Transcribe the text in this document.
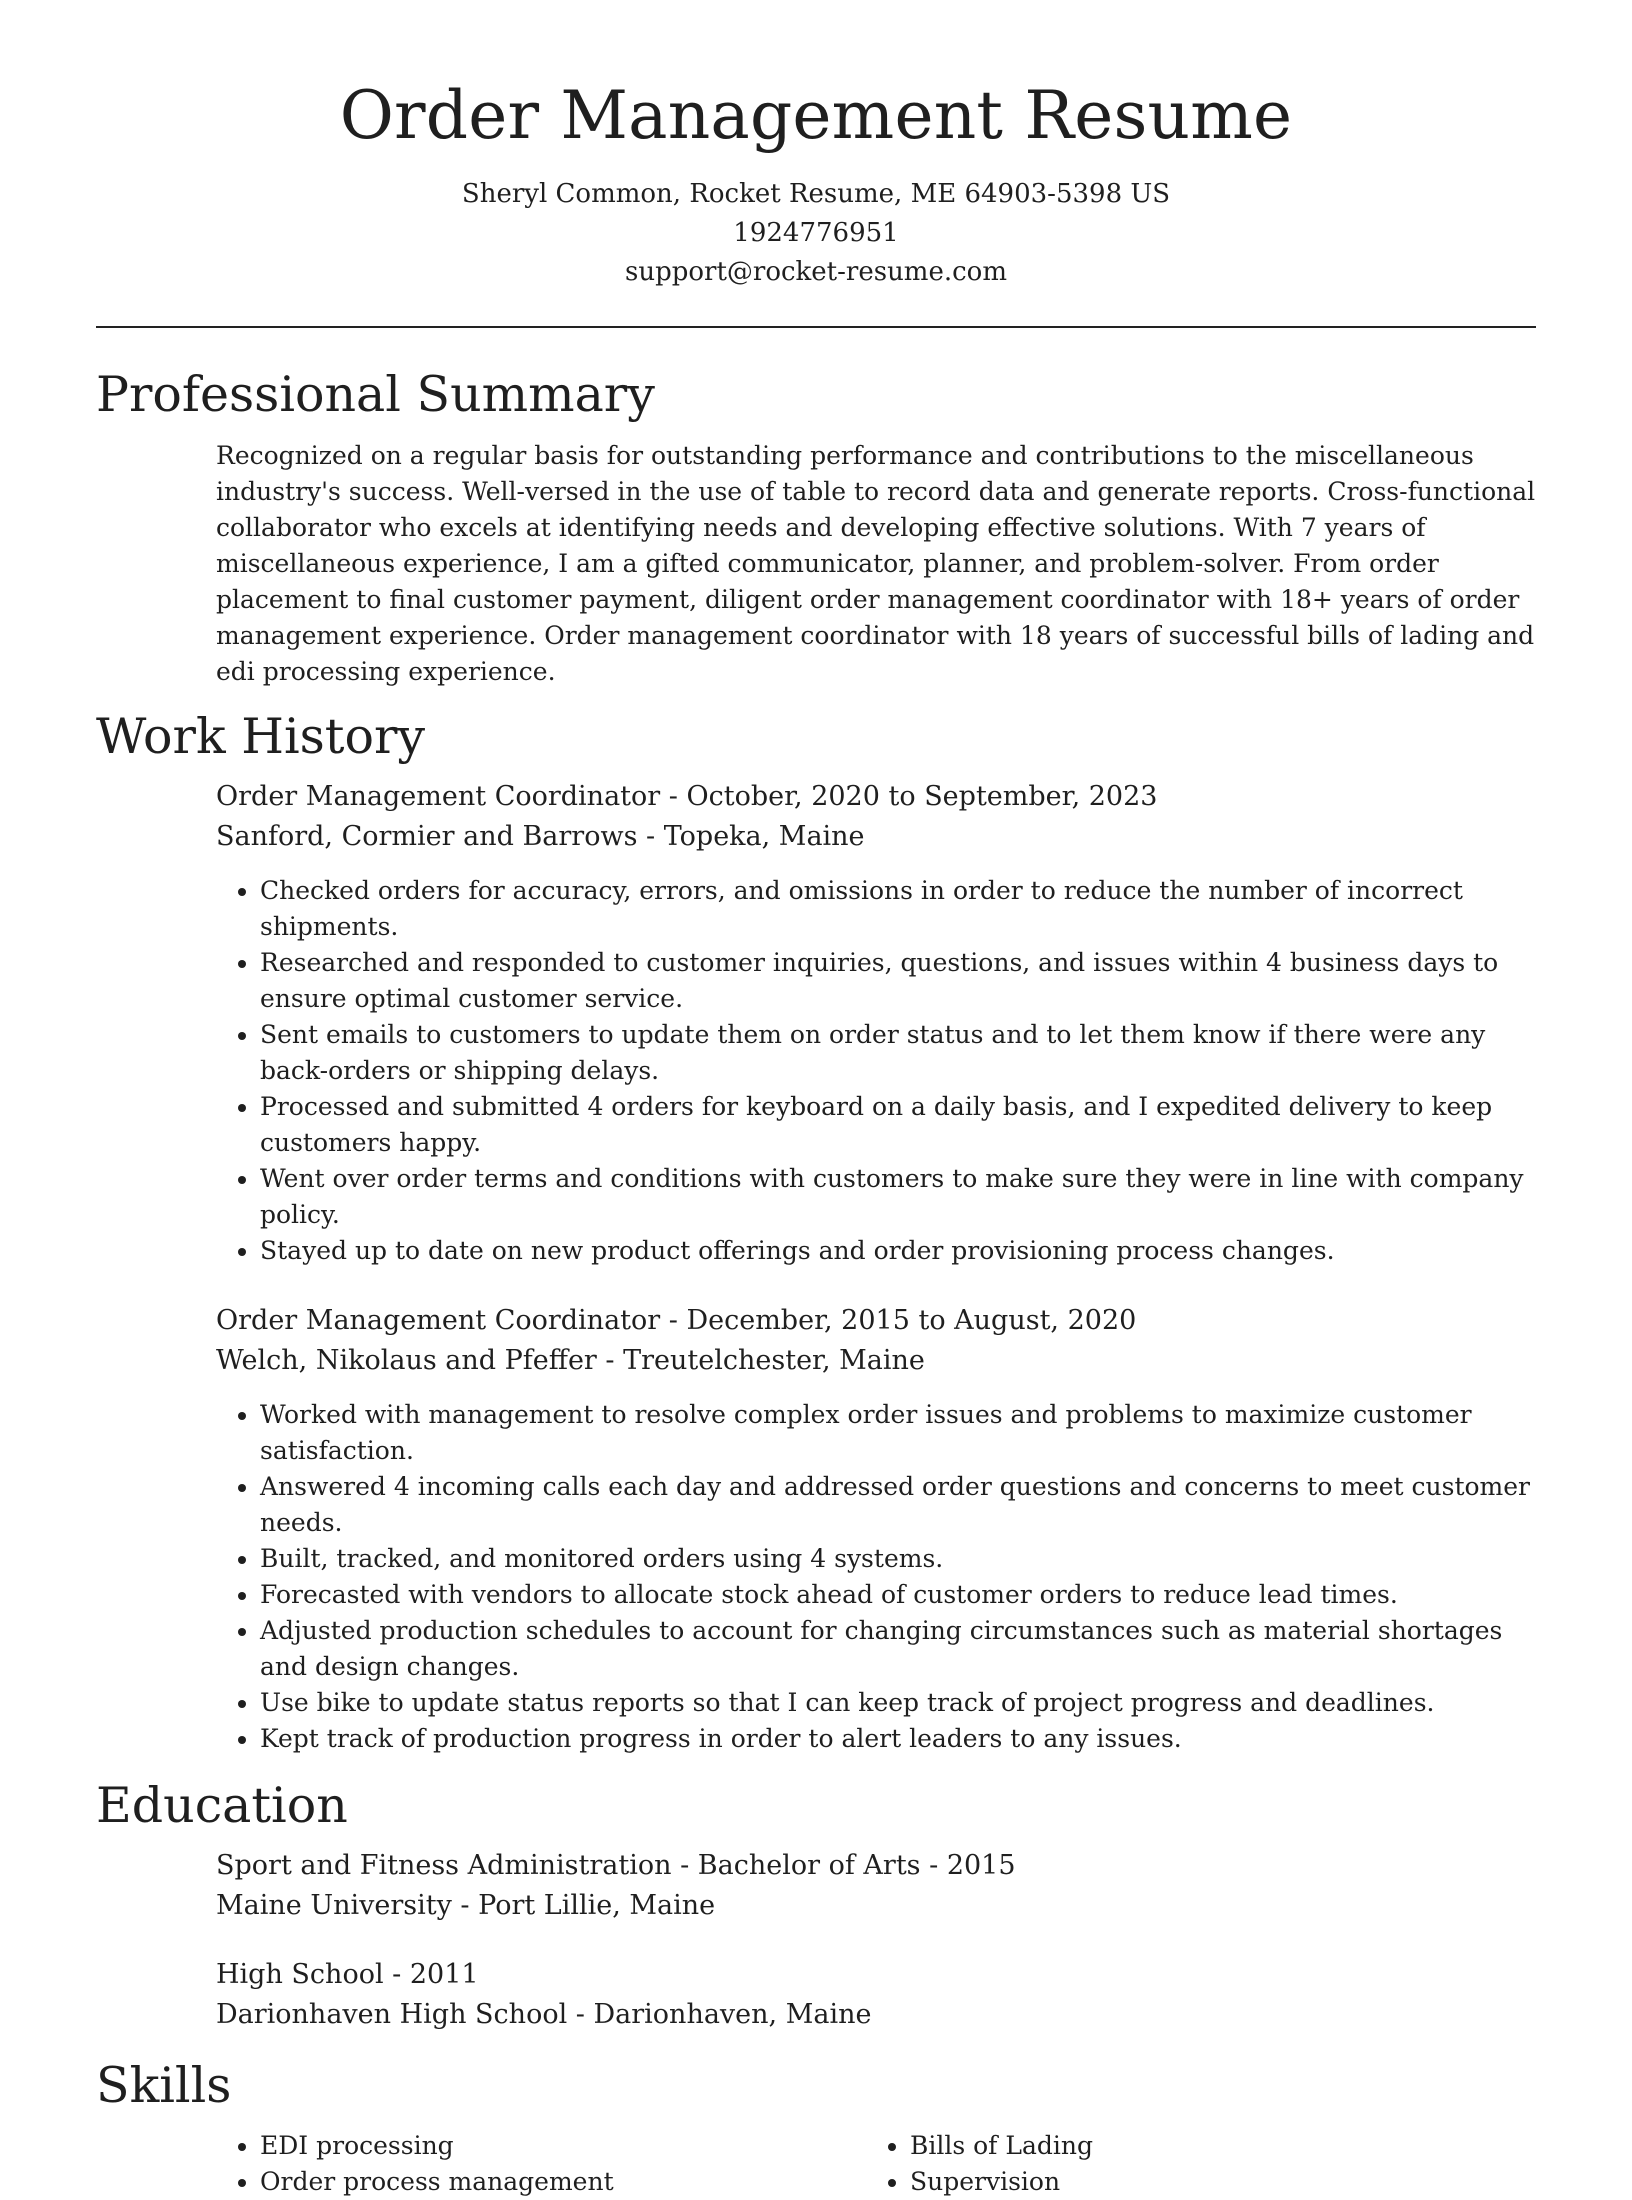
Order Management Resume
Sheryl Common, Rocket Resume, ME 64903-5398 US
1924776951
support@rocket-resume.com
Professional Summary

Recognized on a regular basis for outstanding performance and contributions to the miscellaneous industry's success. Well-versed in the use of table to record data and generate reports. Cross-functional collaborator who excels at identifying needs and developing effective solutions. With 7 years of miscellaneous experience, I am a gifted communicator, planner, and problem-solver. From order placement to final customer payment, diligent order management coordinator with 18+ years of order management experience. Order management coordinator with 18 years of successful bills of lading and edi processing experience.

Work History
Order Management Coordinator - October, 2020 to September, 2023
Sanford, Cormier and Barrows - Topeka, Maine
• Checked orders for accuracy, errors, and omissions in order to reduce the number of incorrect shipments.
• Researched and responded to customer inquiries, questions, and issues within 4 business days to ensure optimal customer service.
• Sent emails to customers to update them on order status and to let them know if there were any back-orders or shipping delays.
• Processed and submitted 4 orders for keyboard on a daily basis, and I expedited delivery to keep customers happy.
• Went over order terms and conditions with customers to make sure they were in line with company policy.
• Stayed up to date on new product offerings and order provisioning process changes.
Order Management Coordinator - December, 2015 to August, 2020
Welch, Nikolaus and Pfeffer - Treutelchester, Maine
• Worked with management to resolve complex order issues and problems to maximize customer satisfaction.
• Answered 4 incoming calls each day and addressed order questions and concerns to meet customer needs.
• Built, tracked, and monitored orders using 4 systems.
• Forecasted with vendors to allocate stock ahead of customer orders to reduce lead times.
• Adjusted production schedules to account for changing circumstances such as material shortages and design changes.
• Use bike to update status reports so that I can keep track of project progress and deadlines.
• Kept track of production progress in order to alert leaders to any issues.
Education
Sport and Fitness Administration - Bachelor of Arts - 2015
Maine University - Port Lillie, Maine
High School - 2011
Darionhaven High School - Darionhaven, Maine
Skills
• EDI processing
• Order process management
• Bills of Lading
• Supervision
